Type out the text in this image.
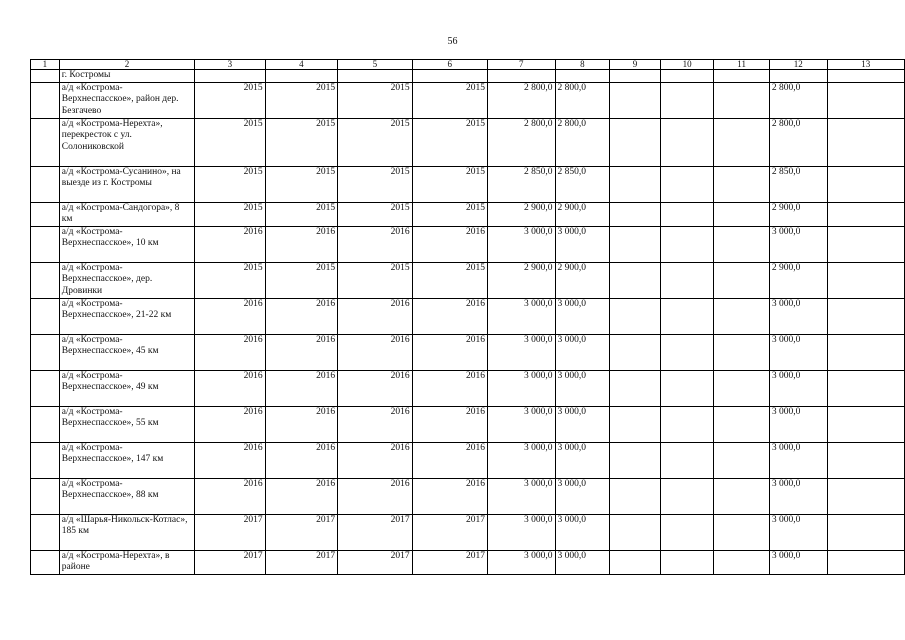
56
1	2	3	4	5	6	7	8	9	10	11	12	13
	г. Костромы											
	а/д «Кострома-Верхнеспасское», район дер. Безгачево	2015	2015	2015	2015	2 800,0	2 800,0				2 800,0	
	а/д «Кострома-Нерехта», перекресток с ул. Солониковской	2015	2015	2015	2015	2 800,0	2 800,0				2 800,0	
	а/д «Кострома-Сусанино», на выезде из г. Костромы	2015	2015	2015	2015	2 850,0	2 850,0				2 850,0	
	а/д «Кострома-Сандогора», 8 км	2015	2015	2015	2015	2 900,0	2 900,0				2 900,0	
	а/д «Кострома-Верхнеспасское», 10 км	2016	2016	2016	2016	3 000,0	3 000,0				3 000,0	
	а/д «Кострома-Верхнеспасское», дер. Дровинки	2015	2015	2015	2015	2 900,0	2 900,0				2 900,0	
	а/д «Кострома-Верхнеспасское», 21-22 км	2016	2016	2016	2016	3 000,0	3 000,0				3 000,0	
	а/д «Кострома-Верхнеспасское», 45 км	2016	2016	2016	2016	3 000,0	3 000,0				3 000,0	
	а/д «Кострома-Верхнеспасское», 49 км	2016	2016	2016	2016	3 000,0	3 000,0				3 000,0	
	а/д «Кострома-Верхнеспасское», 55 км	2016	2016	2016	2016	3 000,0	3 000,0				3 000,0	
	а/д «Кострома-Верхнеспасское», 147 км	2016	2016	2016	2016	3 000,0	3 000,0				3 000,0	
	а/д «Кострома-Верхнеспасское», 88 км	2016	2016	2016	2016	3 000,0	3 000,0				3 000,0	
	а/д «Шарья-Никольск-Котлас», 185 км	2017	2017	2017	2017	3 000,0	3 000,0				3 000,0	
	а/д «Кострома-Нерехта», в районе	2017	2017	2017	2017	3 000,0	3 000,0				3 000,0	
